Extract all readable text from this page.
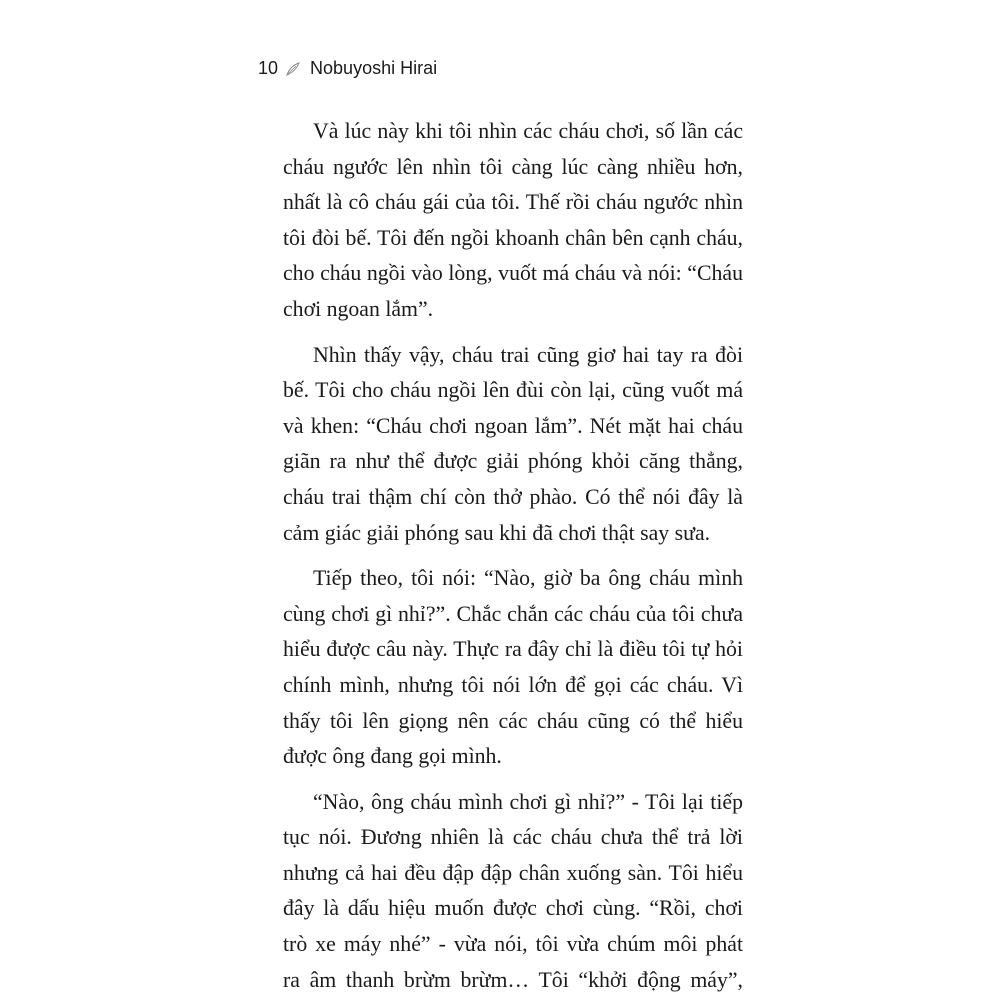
10 Nobuyoshi Hirai

Và lúc này khi tôi nhìn các cháu chơi, số lần các
cháu ngước lên nhìn tôi càng lúc càng nhiều hơn,
nhất là cô cháu gái của tôi. Thế rồi cháu ngước nhìn
tôi đòi bế. Tôi đến ngồi khoanh chân bên cạnh cháu,
cho cháu ngồi vào lòng, vuốt má cháu và nói: “Cháu
chơi ngoan lắm”.

Nhìn thấy vậy, cháu trai cũng giơ hai tay ra đòi
bế. Tôi cho cháu ngồi lên đùi còn lại, cũng vuốt má
và khen: “Cháu chơi ngoan lắm”. Nét mặt hai cháu
giãn ra như thể được giải phóng khỏi căng thẳng,
cháu trai thậm chí còn thở phào. Có thể nói đây là
cảm giác giải phóng sau khi đã chơi thật say sưa.

Tiếp theo, tôi nói: “Nào, giờ ba ông cháu mình
cùng chơi gì nhỉ?”. Chắc chắn các cháu của tôi chưa
hiểu được câu này. Thực ra đây chỉ là điều tôi tự hỏi
chính mình, nhưng tôi nói lớn để gọi các cháu. Vì
thấy tôi lên giọng nên các cháu cũng có thể hiểu
được ông đang gọi mình.

“Nào, ông cháu mình chơi gì nhỉ?” - Tôi lại tiếp
tục nói. Đương nhiên là các cháu chưa thể trả lời
nhưng cả hai đều đập đập chân xuống sàn. Tôi hiểu
đây là dấu hiệu muốn được chơi cùng. “Rồi, chơi
trò xe máy nhé” - vừa nói, tôi vừa chúm môi phát
ra âm thanh brừm brừm… Tôi “khởi động máy”,
